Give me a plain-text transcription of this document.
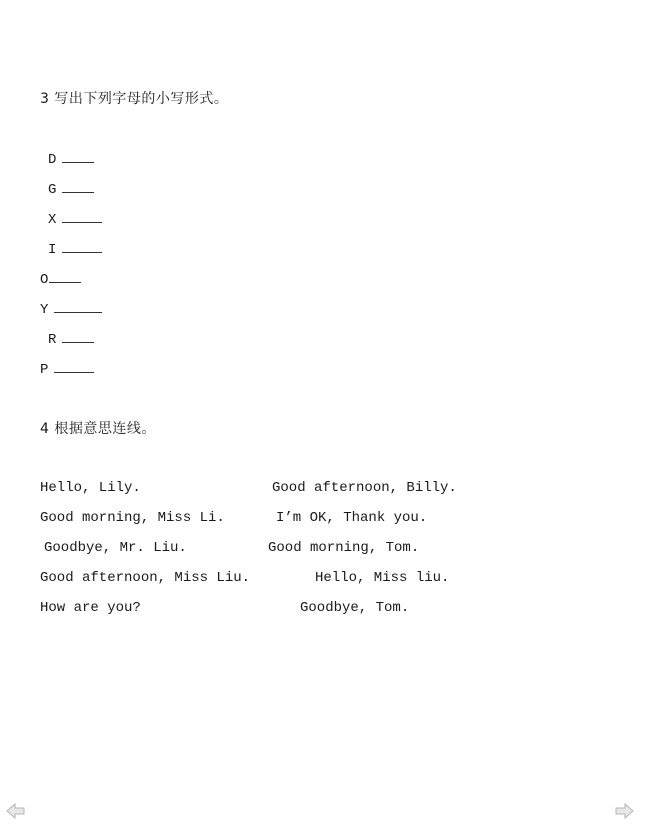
3 写出下列字母的小写形式。
D
G
X
I
O
Y
R
P
4 根据意思连线。
Hello, Lily.
Good morning, Miss Li.
Goodbye, Mr. Liu.
Good afternoon, Miss Liu.
How are you?
Good afternoon, Billy.
I’m OK, Thank you.
Good morning, Tom.
Hello, Miss liu.
Goodbye, Tom.
